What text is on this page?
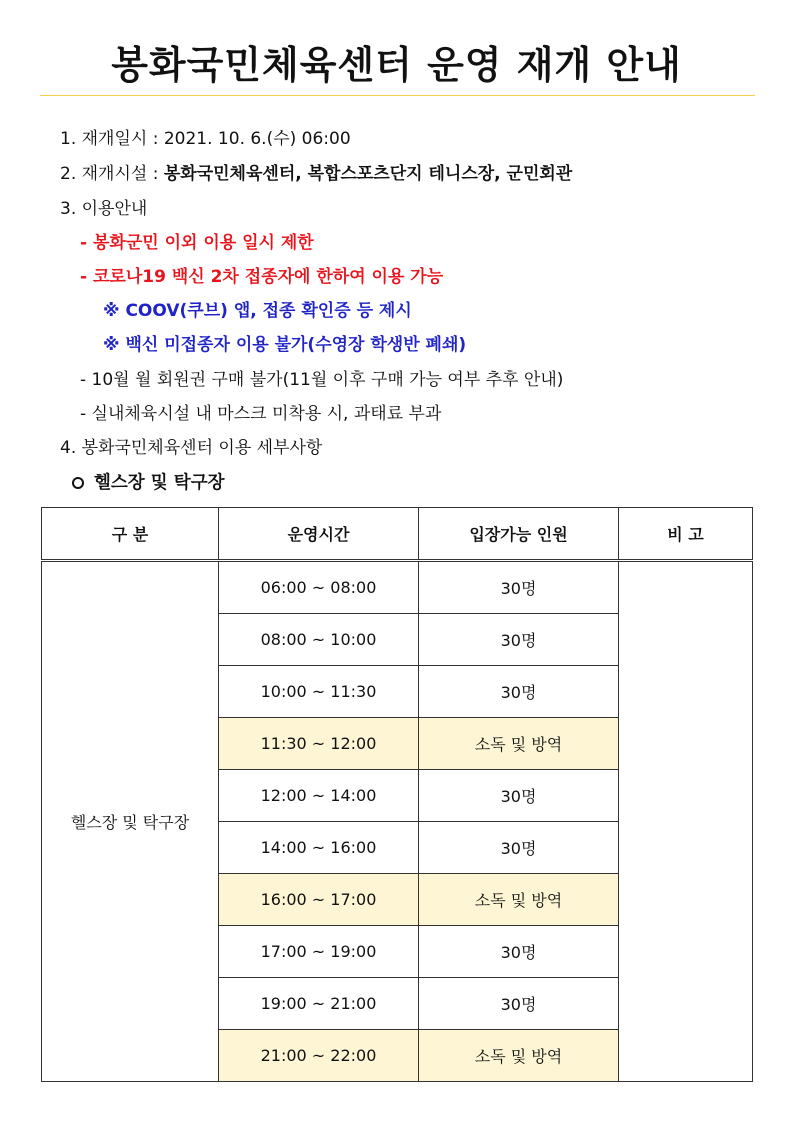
봉화국민체육센터 운영 재개 안내
1. 재개일시 : 2021. 10. 6.(수) 06:00
2. 재개시설 : 봉화국민체육센터, 복합스포츠단지 테니스장, 군민회관
3. 이용안내
- 봉화군민 이외 이용 일시 제한
- 코로나19 백신 2차 접종자에 한하여 이용 가능
※ COOV(쿠브) 앱, 접종 확인증 등 제시
※ 백신 미접종자 이용 불가(수영장 학생반 폐쇄)
- 10월 월 회원권 구매 불가(11월 이후 구매 가능 여부 추후 안내)
- 실내체육시설 내 마스크 미착용 시, 과태료 부과
4. 봉화국민체육센터 이용 세부사항
헬스장 및 탁구장
구 분	운영시간	입장가능 인원	비 고
헬스장 및 탁구장	06:00 ~ 08:00	30명	
	08:00 ~ 10:00	30명	
	10:00 ~ 11:30	30명	
	11:30 ~ 12:00	소독 및 방역	
	12:00 ~ 14:00	30명	
	14:00 ~ 16:00	30명	
	16:00 ~ 17:00	소독 및 방역	
	17:00 ~ 19:00	30명	
	19:00 ~ 21:00	30명	
	21:00 ~ 22:00	소독 및 방역	
